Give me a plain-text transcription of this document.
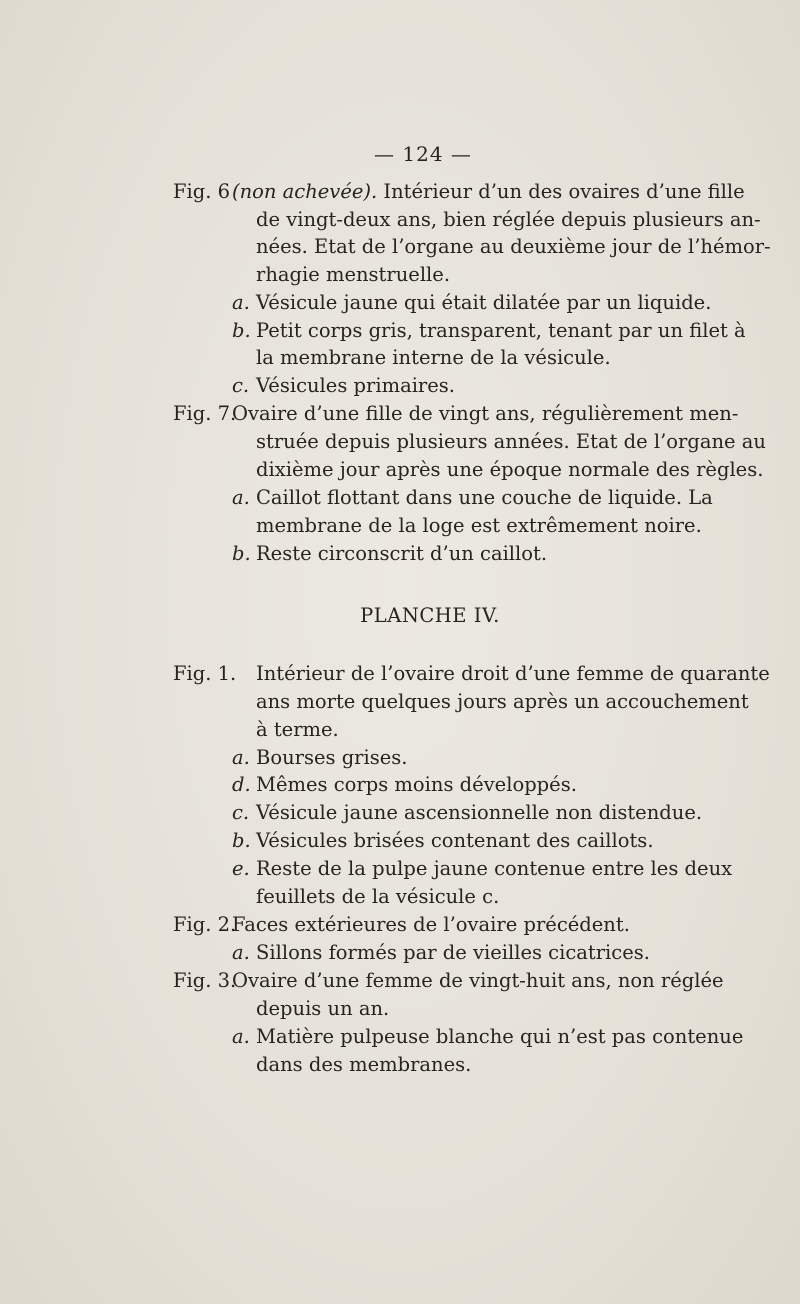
— 124 —
Fig. 6 (non achevée). Intérieur d’un des ovaires d’une fille
de vingt-deux ans, bien réglée depuis plusieurs an-
nées. Etat de l’organe au deuxième jour de l’hémor-
rhagie menstruelle.
a. Vésicule jaune qui était dilatée par un liquide.
b. Petit corps gris, transparent, tenant par un filet à
la membrane interne de la vésicule.
c. Vésicules primaires.
Fig. 7.
Ovaire d’une fille de vingt ans, régulièrement men-
struée depuis plusieurs années. Etat de l’organe au
dixième jour après une époque normale des règles.
a. Caillot flottant dans une couche de liquide. La
membrane de la loge est extrêmement noire.
b. Reste circonscrit d’un caillot.
PLANCHE IV.
Fig. 1. Intérieur de l’ovaire droit d’une femme de quarante
ans morte quelques jours après un accouchement
à terme.
a. Bourses grises.
d. Mêmes corps moins développés.
c. Vésicule jaune ascensionnelle non distendue.
b. Vésicules brisées contenant des caillots.
e. Reste de la pulpe jaune contenue entre les deux
feuillets de la vésicule c.
Fig. 2.
Faces extérieures de l’ovaire précédent.
a. Sillons formés par de vieilles cicatrices.
Fig. 3.
Ovaire d’une femme de vingt-huit ans, non réglée
depuis un an.
a. Matière pulpeuse blanche qui n’est pas contenue
dans des membranes.
